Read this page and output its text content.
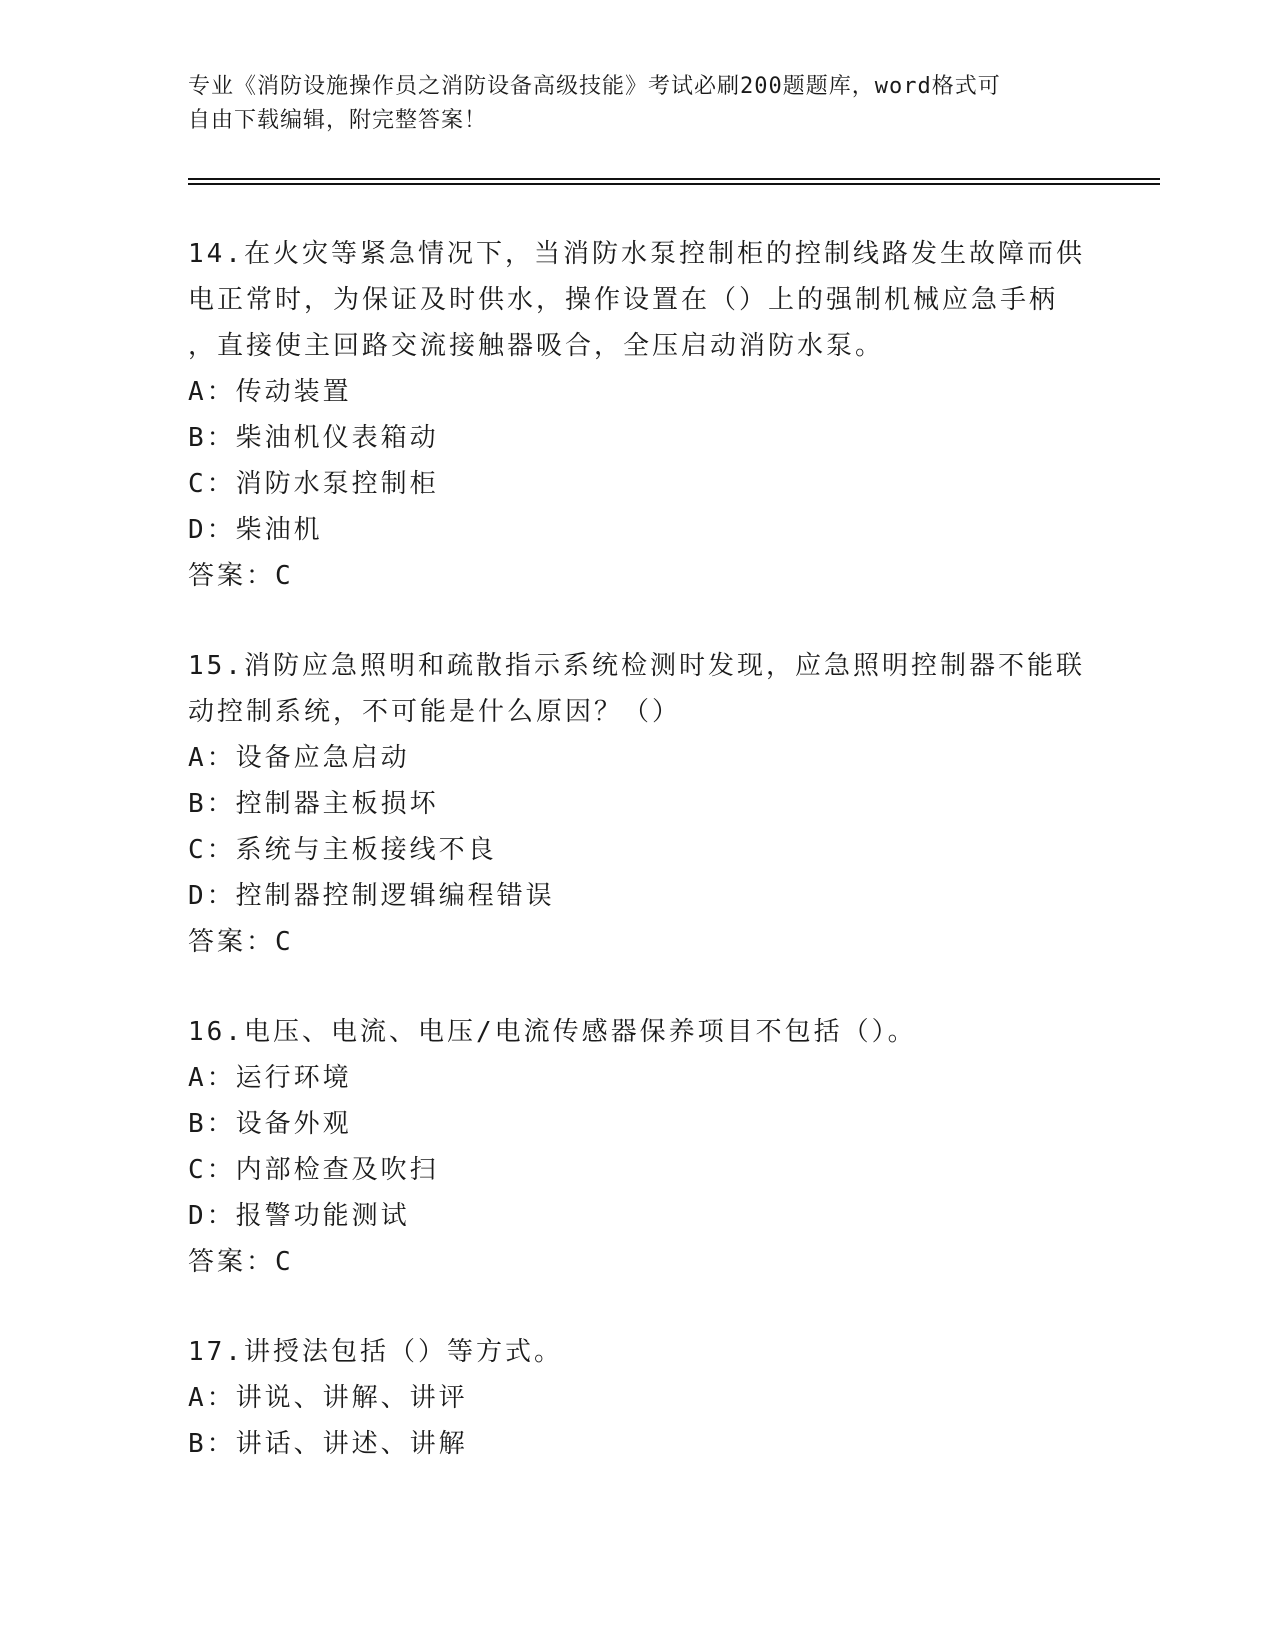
专业《消防设施操作员之消防设备高级技能》考试必刷200题题库，word格式可
自由下载编辑，附完整答案！

14.在火灾等紧急情况下，当消防水泵控制柜的控制线路发生故障而供

电正常时，为保证及时供水，操作设置在（）上的强制机械应急手柄

，直接使主回路交流接触器吸合，全压启动消防水泵。

A：传动装置

B：柴油机仪表箱动

C：消防水泵控制柜

D：柴油机

答案：C

15.消防应急照明和疏散指示系统检测时发现，应急照明控制器不能联

动控制系统，不可能是什么原因？（）

A：设备应急启动

B：控制器主板损坏

C：系统与主板接线不良

D：控制器控制逻辑编程错误

答案：C

16.电压、电流、电压/电流传感器保养项目不包括（）。

A：运行环境

B：设备外观

C：内部检查及吹扫

D：报警功能测试

答案：C

17.讲授法包括（）等方式。

A：讲说、讲解、讲评

B：讲话、讲述、讲解
